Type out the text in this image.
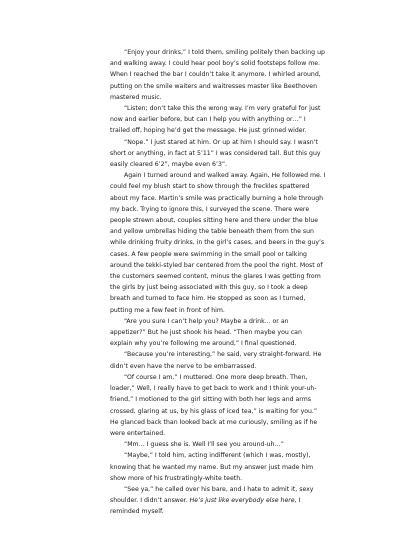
“Enjoy your drinks,” I told them, smiling politely then backing up and walking away. I could hear pool boy’s solid footsteps follow me. When I reached the bar I couldn’t take it anymore. I whirled around, putting on the smile waiters and waitresses master like Beethoven mastered music.

“Listen; don’t take this the wrong way. I’m very grateful for just now and earlier before, but can I help you with anything or…” I trailed off, hoping he’d get the message. He just grinned wider.

“Nope.” I just stared at him. Or up at him I should say. I wasn’t short or anything, in fact at 5’11” I was considered tall. But this guy easily cleared 6’2”, maybe even 6’3”.

Again I turned around and walked away. Again, He followed me. I could feel my blush start to show through the freckles spattered about my face. Martin’s smile was practically burning a hole through my back. Trying to ignore this, I surveyed the scene. There were people strewn about, couples sitting here and there under the blue and yellow umbrellas hiding the table beneath them from the sun while drinking fruity drinks, in the girl’s cases, and beers in the guy’s cases. A few people were swimming in the small pool or talking around the tekki-styled bar centered from the pool the right. Most of the customers seemed content, minus the glares I was getting from the girls by just being associated with this guy, so I took a deep breath and turned to face him. He stopped as soon as I turned, putting me a few feet in front of him.

“Are you sure I can’t help you? Maybe a drink... or an appetizer?” But he just shook his head. “Then maybe you can explain why you’re following me around,” I final questioned.

“Because you’re interesting,” he said, very straight-forward. He didn’t even have the nerve to be embarrassed.

“Of course I am,” I muttered. One more deep breath. Then, loader,” Well, I really have to get back to work and I think your-uh-friend,” I motioned to the girl sitting with both her legs and arms crossed, glaring at us, by his glass of iced tea,” is waiting for you.” He glanced back than looked back at me curiously, smiling as if he were entertained.

“Mm… I guess she is. Well I’ll see you around-uh…”

“Maybe,” I told him, acting indifferent (which I was, mostly), knowing that he wanted my name. But my answer just made him show more of his frustratingly-white teeth.

“See ya,” he called over his bare, and I hate to admit it, sexy shoulder. I didn’t answer. He’s just like everybody else here, I reminded myself.
